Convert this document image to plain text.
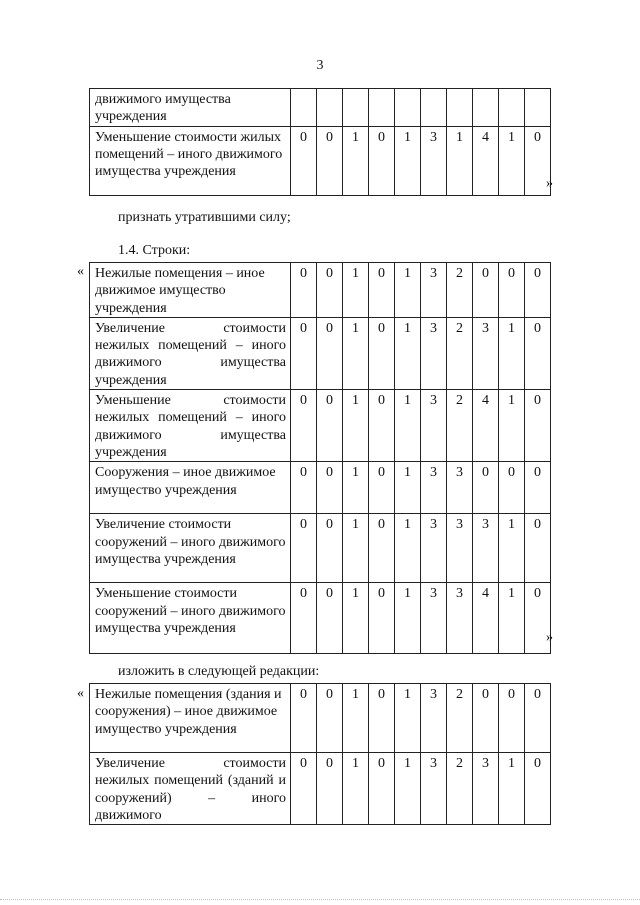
3
движимого имущества учреждения										
Уменьшение стоимости жилых помещений – иного движимого имущества учреждения	0	0	1	0	1	3	1	4	1	0
»
признать утратившими силу;
1.4. Строки:
« Нежилые помещения – иное движимое имущество учреждения	0	0	1	0	1	3	2	0	0	0
Увеличение стоимости нежилых помещений – иного движимого имущества учреждения	0	0	1	0	1	3	2	3	1	0
Уменьшение стоимости нежилых помещений – иного движимого имущества учреждения	0	0	1	0	1	3	2	4	1	0
Сооружения – иное движимое имущество учреждения	0	0	1	0	1	3	3	0	0	0
Увеличение стоимости сооружений – иного движимого имущества учреждения	0	0	1	0	1	3	3	3	1	0
Уменьшение стоимости сооружений – иного движимого имущества учреждения	0	0	1	0	1	3	3	4	1	0
»
изложить в следующей редакции:
« Нежилые помещения (здания и сооружения) – иное движимое имущество учреждения	0	0	1	0	1	3	2	0	0	0
Увеличение стоимости нежилых помещений (зданий и сооружений) – иного движимого	0	0	1	0	1	3	2	3	1	0
